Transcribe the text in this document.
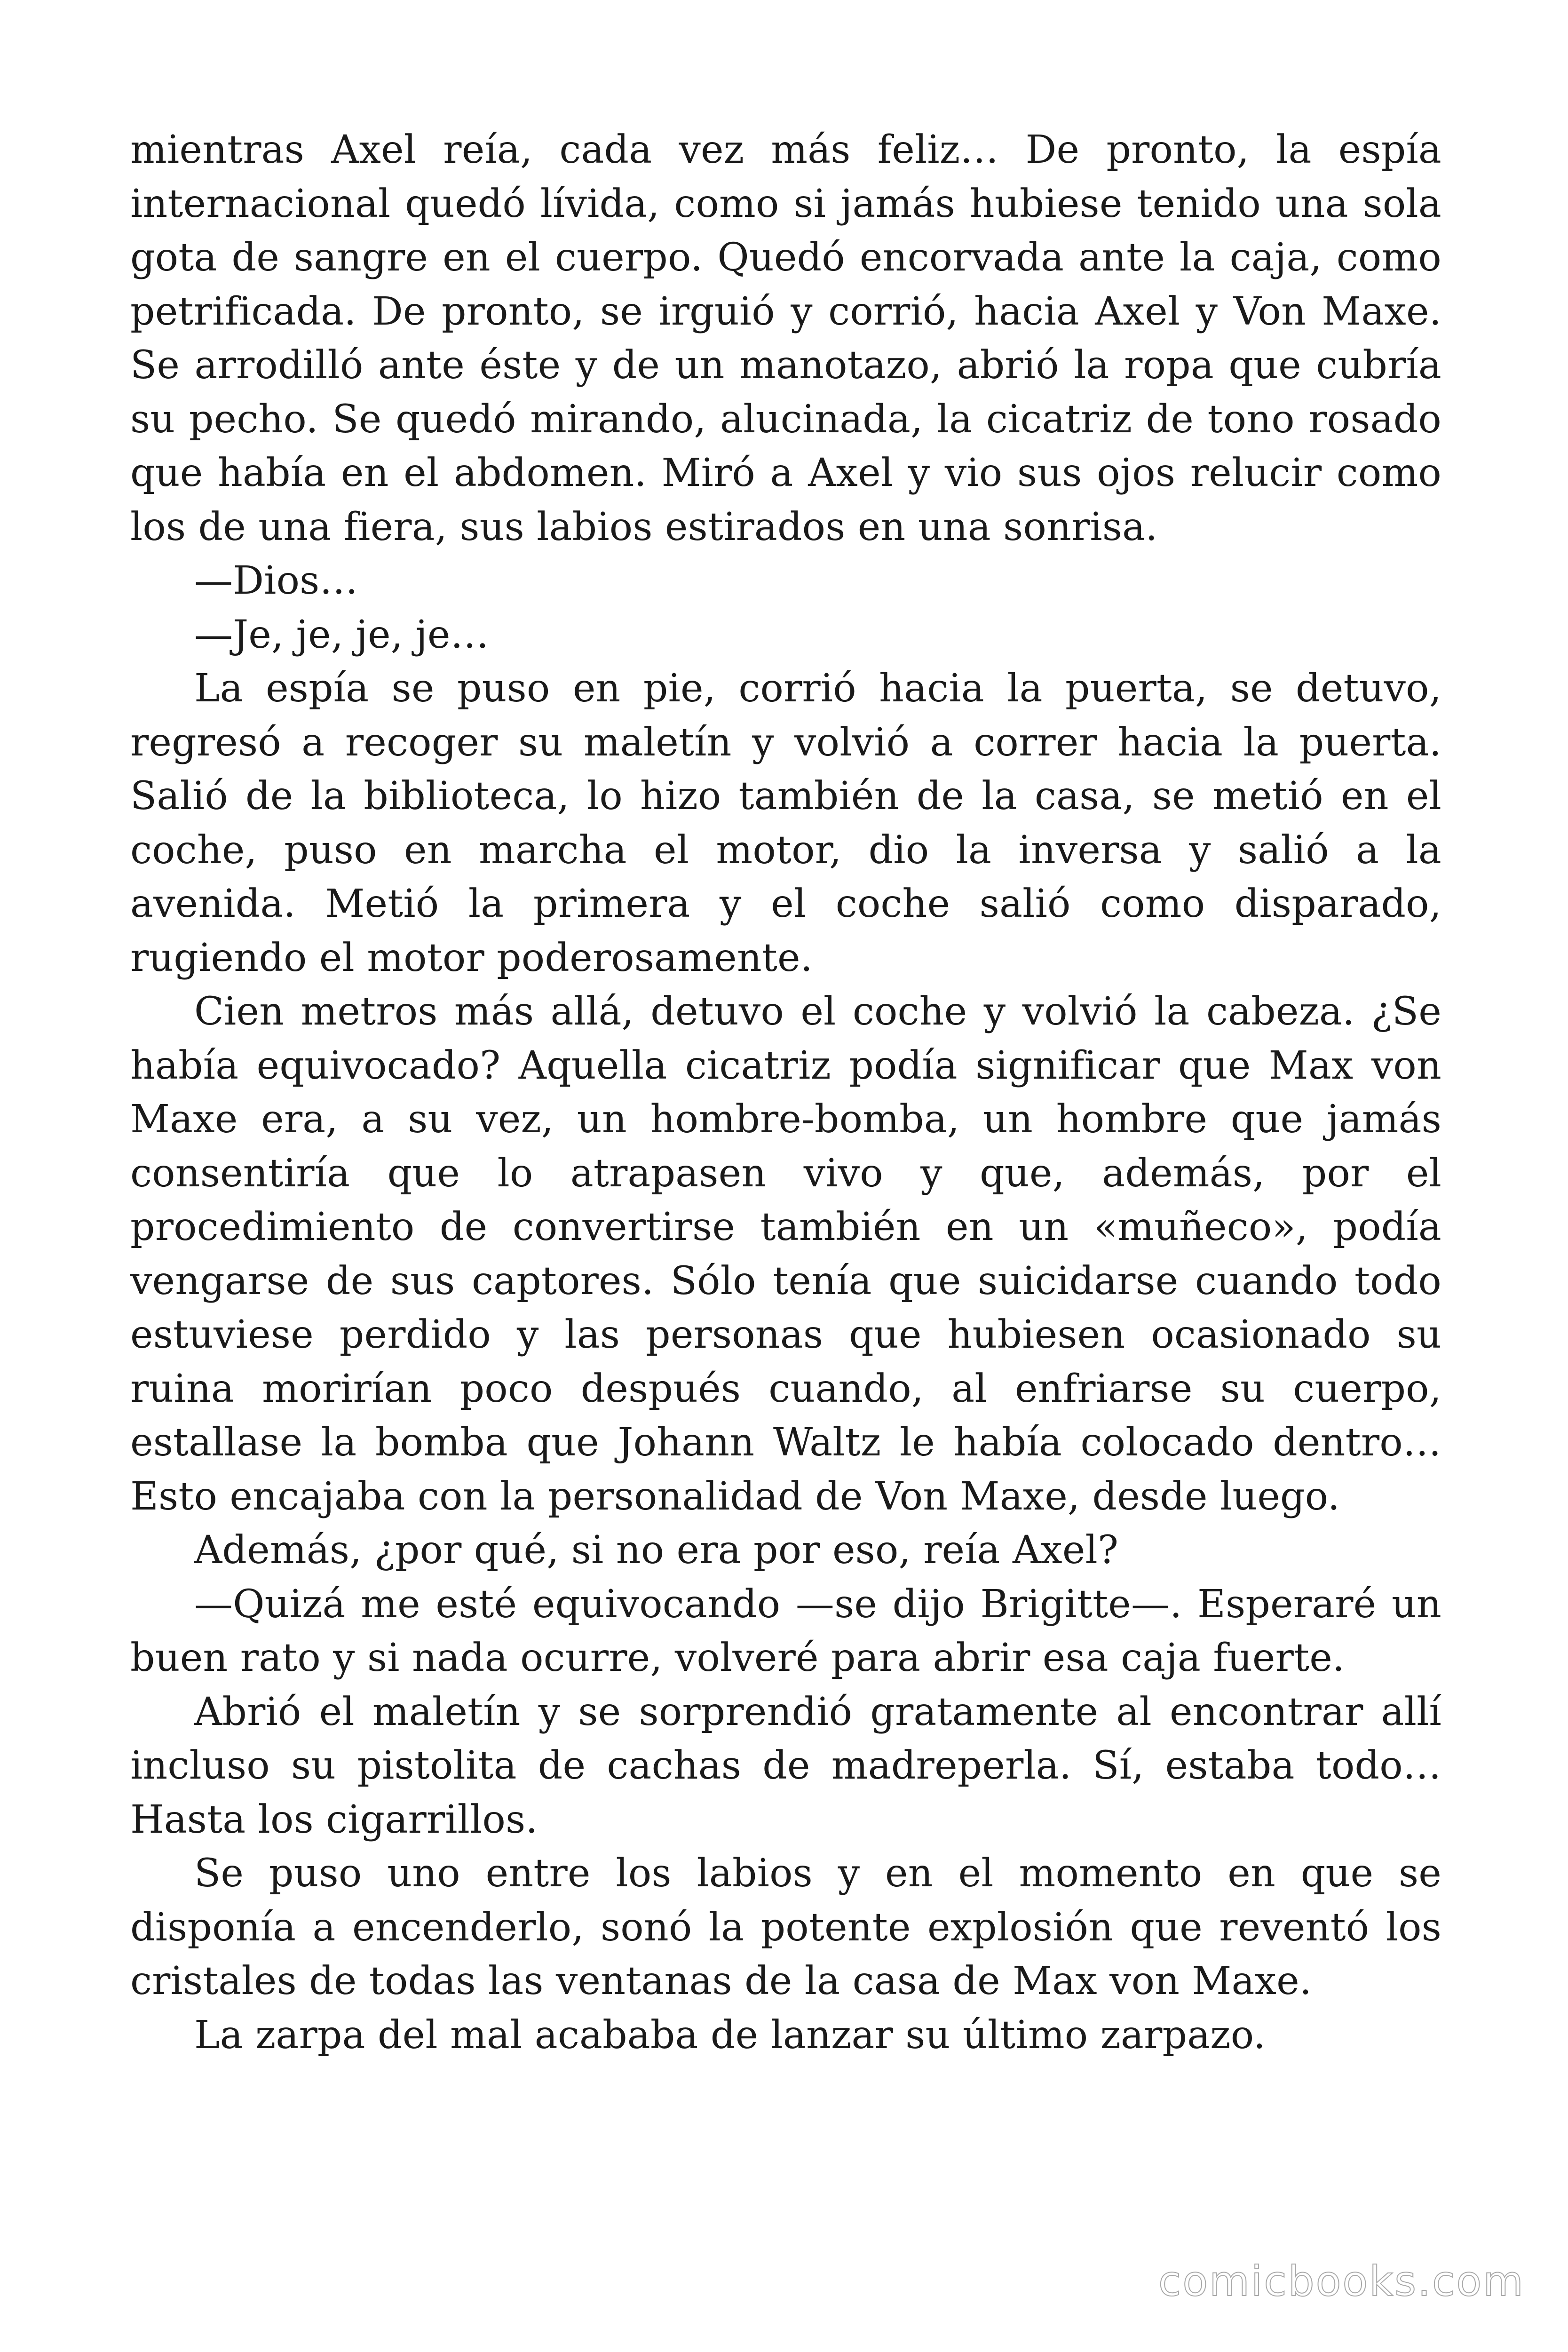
mientras Axel reía, cada vez más feliz… De pronto, la espía internacional quedó lívida, como si jamás hubiese tenido una sola gota de sangre en el cuerpo. Quedó encorvada ante la caja, como petrificada. De pronto, se irguió y corrió, hacia Axel y Von Maxe. Se arrodilló ante éste y de un manotazo, abrió la ropa que cubría su pecho. Se quedó mirando, alucinada, la cicatriz de tono rosado que había en el abdomen. Miró a Axel y vio sus ojos relucir como los de una fiera, sus labios estirados en una sonrisa.

—Dios…

—Je, je, je, je…

La espía se puso en pie, corrió hacia la puerta, se detuvo, regresó a recoger su maletín y volvió a correr hacia la puerta. Salió de la biblioteca, lo hizo también de la casa, se metió en el coche, puso en marcha el motor, dio la inversa y salió a la avenida. Metió la primera y el coche salió como disparado, rugiendo el motor poderosamente.

Cien metros más allá, detuvo el coche y volvió la cabeza. ¿Se había equivocado? Aquella cicatriz podía significar que Max von Maxe era, a su vez, un hombre-bomba, un hombre que jamás consentiría que lo atrapasen vivo y que, además, por el procedimiento de convertirse también en un «muñeco», podía vengarse de sus captores. Sólo tenía que suicidarse cuando todo estuviese perdido y las personas que hubiesen ocasionado su ruina morirían poco después cuando, al enfriarse su cuerpo, estallase la bomba que Johann Waltz le había colocado dentro… Esto encajaba con la personalidad de Von Maxe, desde luego.

Además, ¿por qué, si no era por eso, reía Axel?

—Quizá me esté equivocando —se dijo Brigitte—. Esperaré un buen rato y si nada ocurre, volveré para abrir esa caja fuerte.

Abrió el maletín y se sorprendió gratamente al encontrar allí incluso su pistolita de cachas de madreperla. Sí, estaba todo… Hasta los cigarrillos.

Se puso uno entre los labios y en el momento en que se disponía a encenderlo, sonó la potente explosión que reventó los cristales de todas las ventanas de la casa de Max von Maxe.

La zarpa del mal acababa de lanzar su último zarpazo.

comicbooks.com
